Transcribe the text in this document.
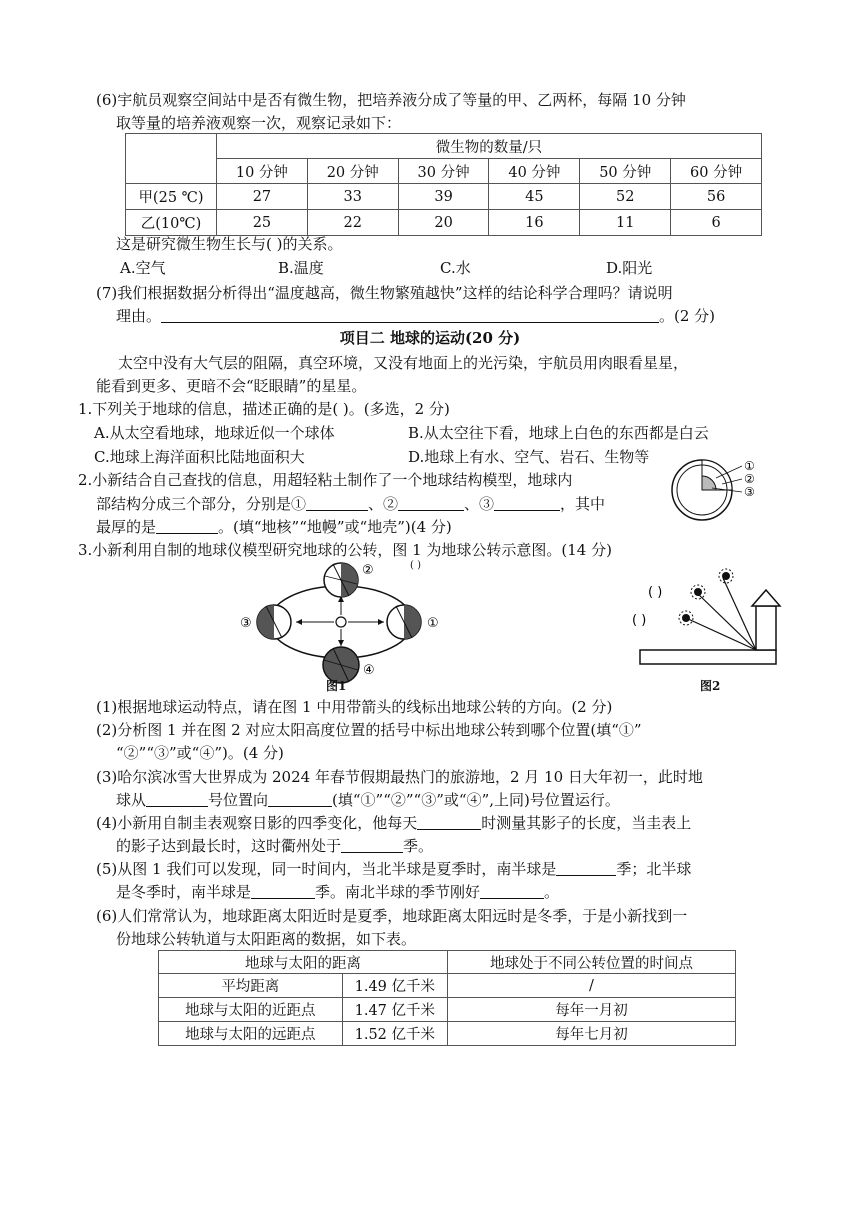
(6)宇航员观察空间站中是否有微生物，把培养液分成了等量的甲、乙两杯，每隔 10 分钟
取等量的培养液观察一次，观察记录如下：
	微生物的数量/只					
	10 分钟	20 分钟	30 分钟	40 分钟	50 分钟	60 分钟
甲(25 ℃)	27	33	39	45	52	56
乙(10℃)	25	22	20	16	11	6
这是研究微生物生长与( )的关系。
A.空气	B.温度	C.水	D.阳光
(7)我们根据数据分析得出“温度越高，微生物繁殖越快”这样的结论科学合理吗？请说明
理由。	。(2 分)
项目二 地球的运动(20 分)
太空中没有大气层的阻隔，真空环境，又没有地面上的光污染，宇航员用肉眼看星星，
能看到更多、更暗不会“眨眼睛”的星星。
1.下列关于地球的信息，描述正确的是( )。(多选，2 分)
A.从太空看地球，地球近似一个球体	B.从太空往下看，地球上白色的东西都是白云
C.地球上海洋面积比陆地面积大	D.地球上有水、空气、岩石、生物等
2.小新结合自己查找的信息，用超轻粘土制作了一个地球结构模型，地球内
部结构分成三个部分，分别是①	、②	、③	，其中
最厚的是	。(填“地核”“地幔”或“地壳”)(4 分)
①
②
③
3.小新利用自制的地球仪模型研究地球的公转，图 1 为地球公转示意图。(14 分)
( )
②
③	①
④
图1
( )
( )
图2
(1)根据地球运动特点，请在图 1 中用带箭头的线标出地球公转的方向。(2 分)
(2)分析图 1 并在图 2 对应太阳高度位置的括号中标出地球公转到哪个位置(填“①”
“②”“③”或“④”)。(4 分)
(3)哈尔滨冰雪大世界成为 2024 年春节假期最热门的旅游地，2 月 10 日大年初一，此时地
球从	号位置向	(填“①”“②”“③”或“④”,上同)号位置运行。
(4)小新用自制圭表观察日影的四季变化，他每天	时测量其影子的长度，当圭表上
的影子达到最长时，这时衢州处于	季。
(5)从图 1 我们可以发现，同一时间内，当北半球是夏季时，南半球是	季；北半球
是冬季时，南半球是	季。南北半球的季节刚好	。
(6)人们常常认为，地球距离太阳近时是夏季，地球距离太阳远时是冬季，于是小新找到一
份地球公转轨道与太阳距离的数据，如下表。
地球与太阳的距离		地球处于不同公转位置的时间点
平均距离	1.49 亿千米	/
地球与太阳的近距点	1.47 亿千米	每年一月初
地球与太阳的远距点	1.52 亿千米	每年七月初
